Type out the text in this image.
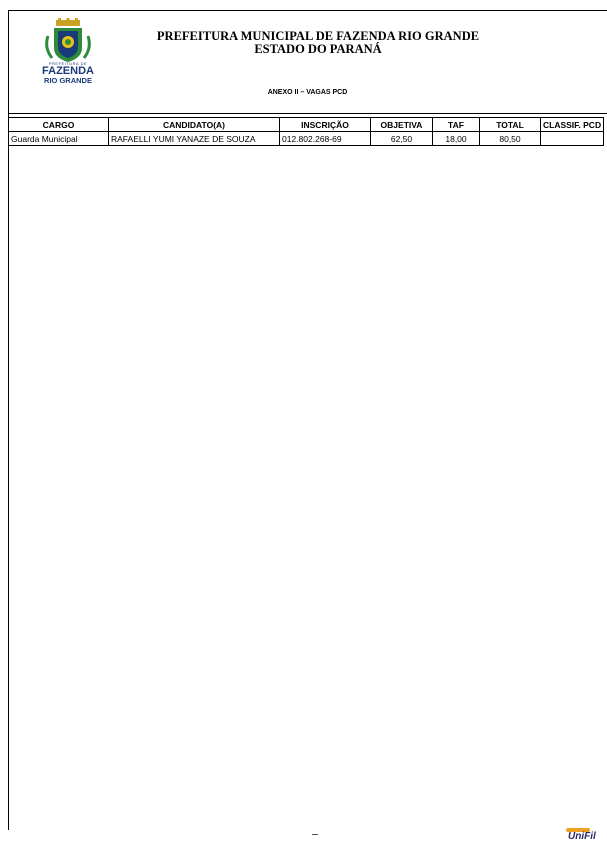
PREFEITURA DE
FAZENDA
RIO GRANDE
PREFEITURA MUNICIPAL DE FAZENDA RIO GRANDE
ESTADO DO PARANÁ
ANEXO II – VAGAS PCD
CARGO	CANDIDATO(A)	INSCRIÇÃO	OBJETIVA	TAF	TOTAL	CLASSIF. PCD
Guarda Municipal	RAFAELLI YUMI YANAZE DE SOUZA	012.802.268-69	62,50	18,00	80,50	
UniFil
